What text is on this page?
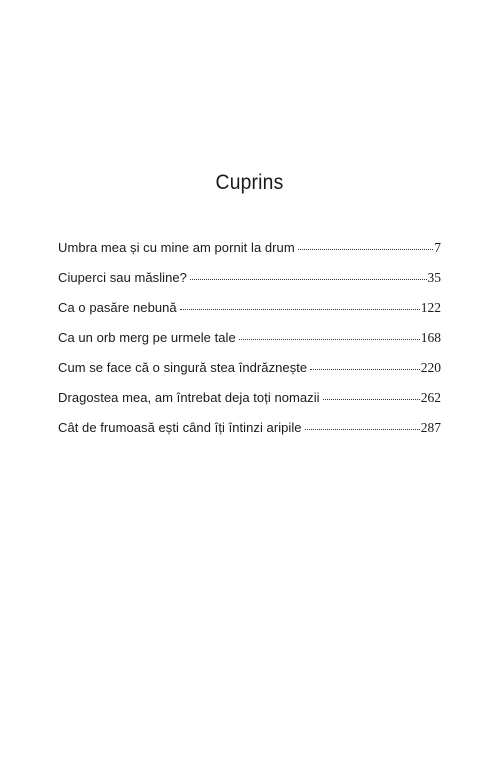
Cuprins
Umbra mea și cu mine am pornit la drum	7
Ciuperci sau măsline?	35
Ca o pasăre nebună	122
Ca un orb merg pe urmele tale	168
Cum se face că o singură stea îndrăznește	220
Dragostea mea, am întrebat deja toți nomazii	262
Cât de frumoasă ești când îți întinzi aripile	287
